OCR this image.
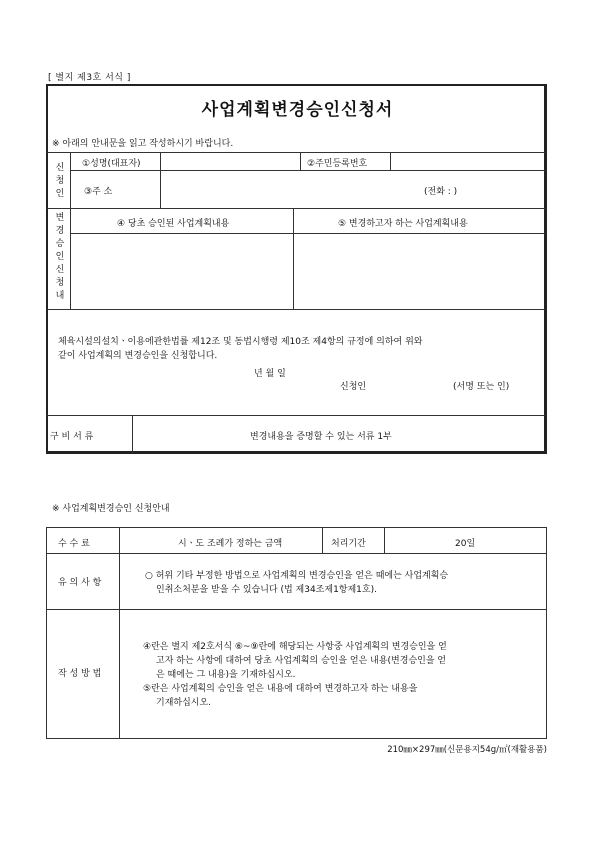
[ 별지 제3호 서식 ]
사업계획변경승인신청서
※ 아래의 안내문을 읽고 작성하시기 바랍니다.
신청인
①성명(대표자)	②주민등록번호
③주 소	(전화 : )
변경승인신청내
④ 당초 승인된 사업계획내용	⑤ 변경하고자 하는 사업계획내용
체육시설의설치ㆍ이용에관한법률 제12조 및 동법시행령 제10조 제4항의 규정에 의하여 위와
같이 사업계획의 변경승인을 신청합니다.
년 월 일
신청인	(서명 또는 인)
구 비 서 류	변경내용을 증명할 수 있는 서류 1부
※ 사업계획변경승인 신청안내
수 수 료	시ㆍ도 조례가 정하는 금액	처리기간	20일
유 의 사 항
○ 허위 기타 부정한 방법으로 사업계획의 변경승인을 얻은 때에는 사업계획승
인취소처분을 받을 수 있습니다 (법 제34조제1항제1호).
작 성 방 법
④란은 별지 제2호서식 ⑥~⑨란에 해당되는 사항중 사업계획의 변경승인을 얻
고자 하는 사항에 대하여 당초 사업계획의 승인을 얻은 내용(변경승인을 얻
은 때에는 그 내용)을 기재하십시오.
⑤란은 사업계획의 승인을 얻은 내용에 대하여 변경하고자 하는 내용을
기재하십시오.
210㎜×297㎜(신문용지54g/㎡(재활용품)
